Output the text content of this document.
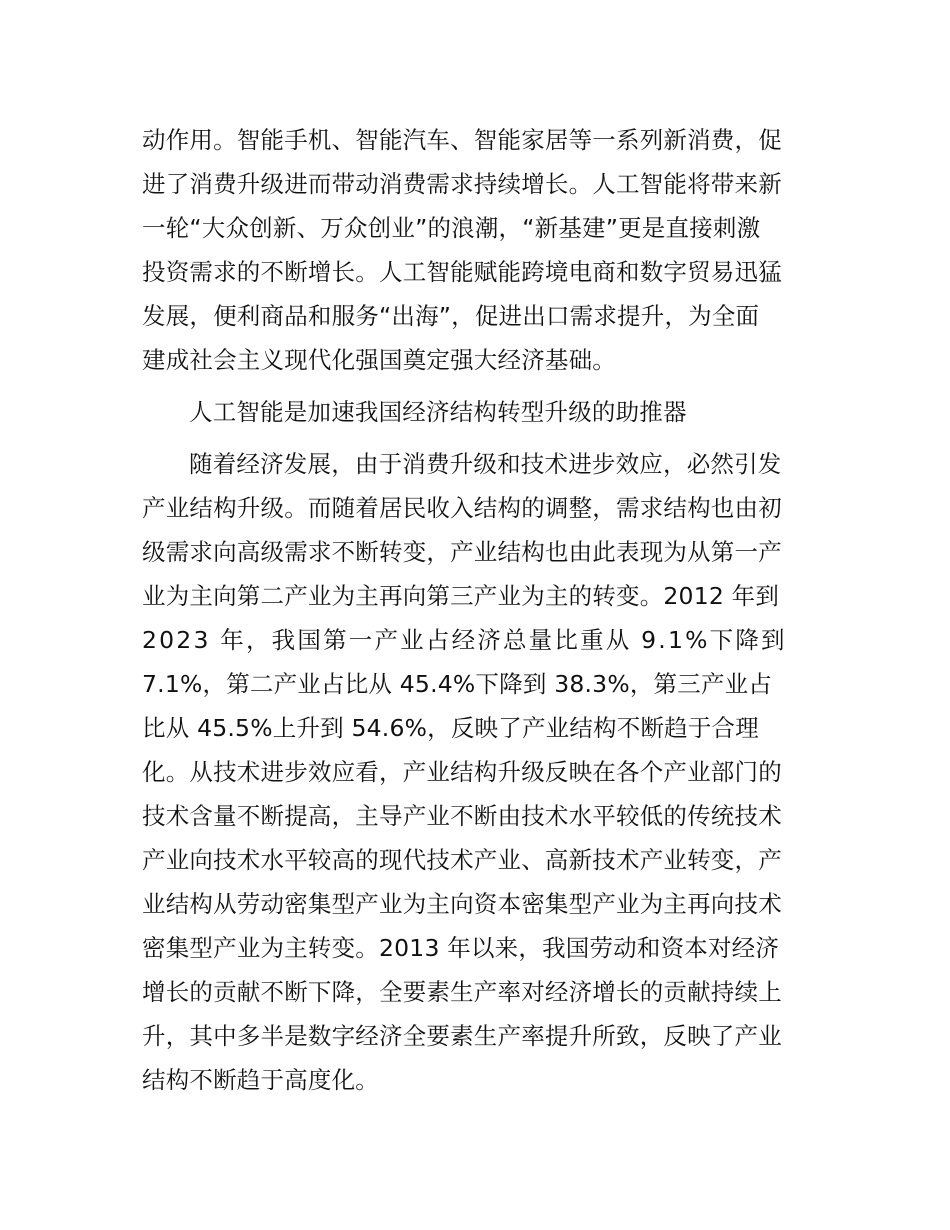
动作用。智能手机、智能汽车、智能家居等一系列新消费，促
进了消费升级进而带动消费需求持续增长。人工智能将带来新
一轮“大众创新、万众创业”的浪潮，“新基建”更是直接刺激
投资需求的不断增长。人工智能赋能跨境电商和数字贸易迅猛
发展，便利商品和服务“出海”，促进出口需求提升，为全面
建成社会主义现代化强国奠定强大经济基础。
人工智能是加速我国经济结构转型升级的助推器
随着经济发展，由于消费升级和技术进步效应，必然引发
产业结构升级。而随着居民收入结构的调整，需求结构也由初
级需求向高级需求不断转变，产业结构也由此表现为从第一产
业为主向第二产业为主再向第三产业为主的转变。2012 年到
2023 年，我国第一产业占经济总量比重从 9.1%下降到
7.1%，第二产业占比从 45.4%下降到 38.3%，第三产业占
比从 45.5%上升到 54.6%，反映了产业结构不断趋于合理
化。从技术进步效应看，产业结构升级反映在各个产业部门的
技术含量不断提高，主导产业不断由技术水平较低的传统技术
产业向技术水平较高的现代技术产业、高新技术产业转变，产
业结构从劳动密集型产业为主向资本密集型产业为主再向技术
密集型产业为主转变。2013 年以来，我国劳动和资本对经济
增长的贡献不断下降，全要素生产率对经济增长的贡献持续上
升，其中多半是数字经济全要素生产率提升所致，反映了产业
结构不断趋于高度化。
